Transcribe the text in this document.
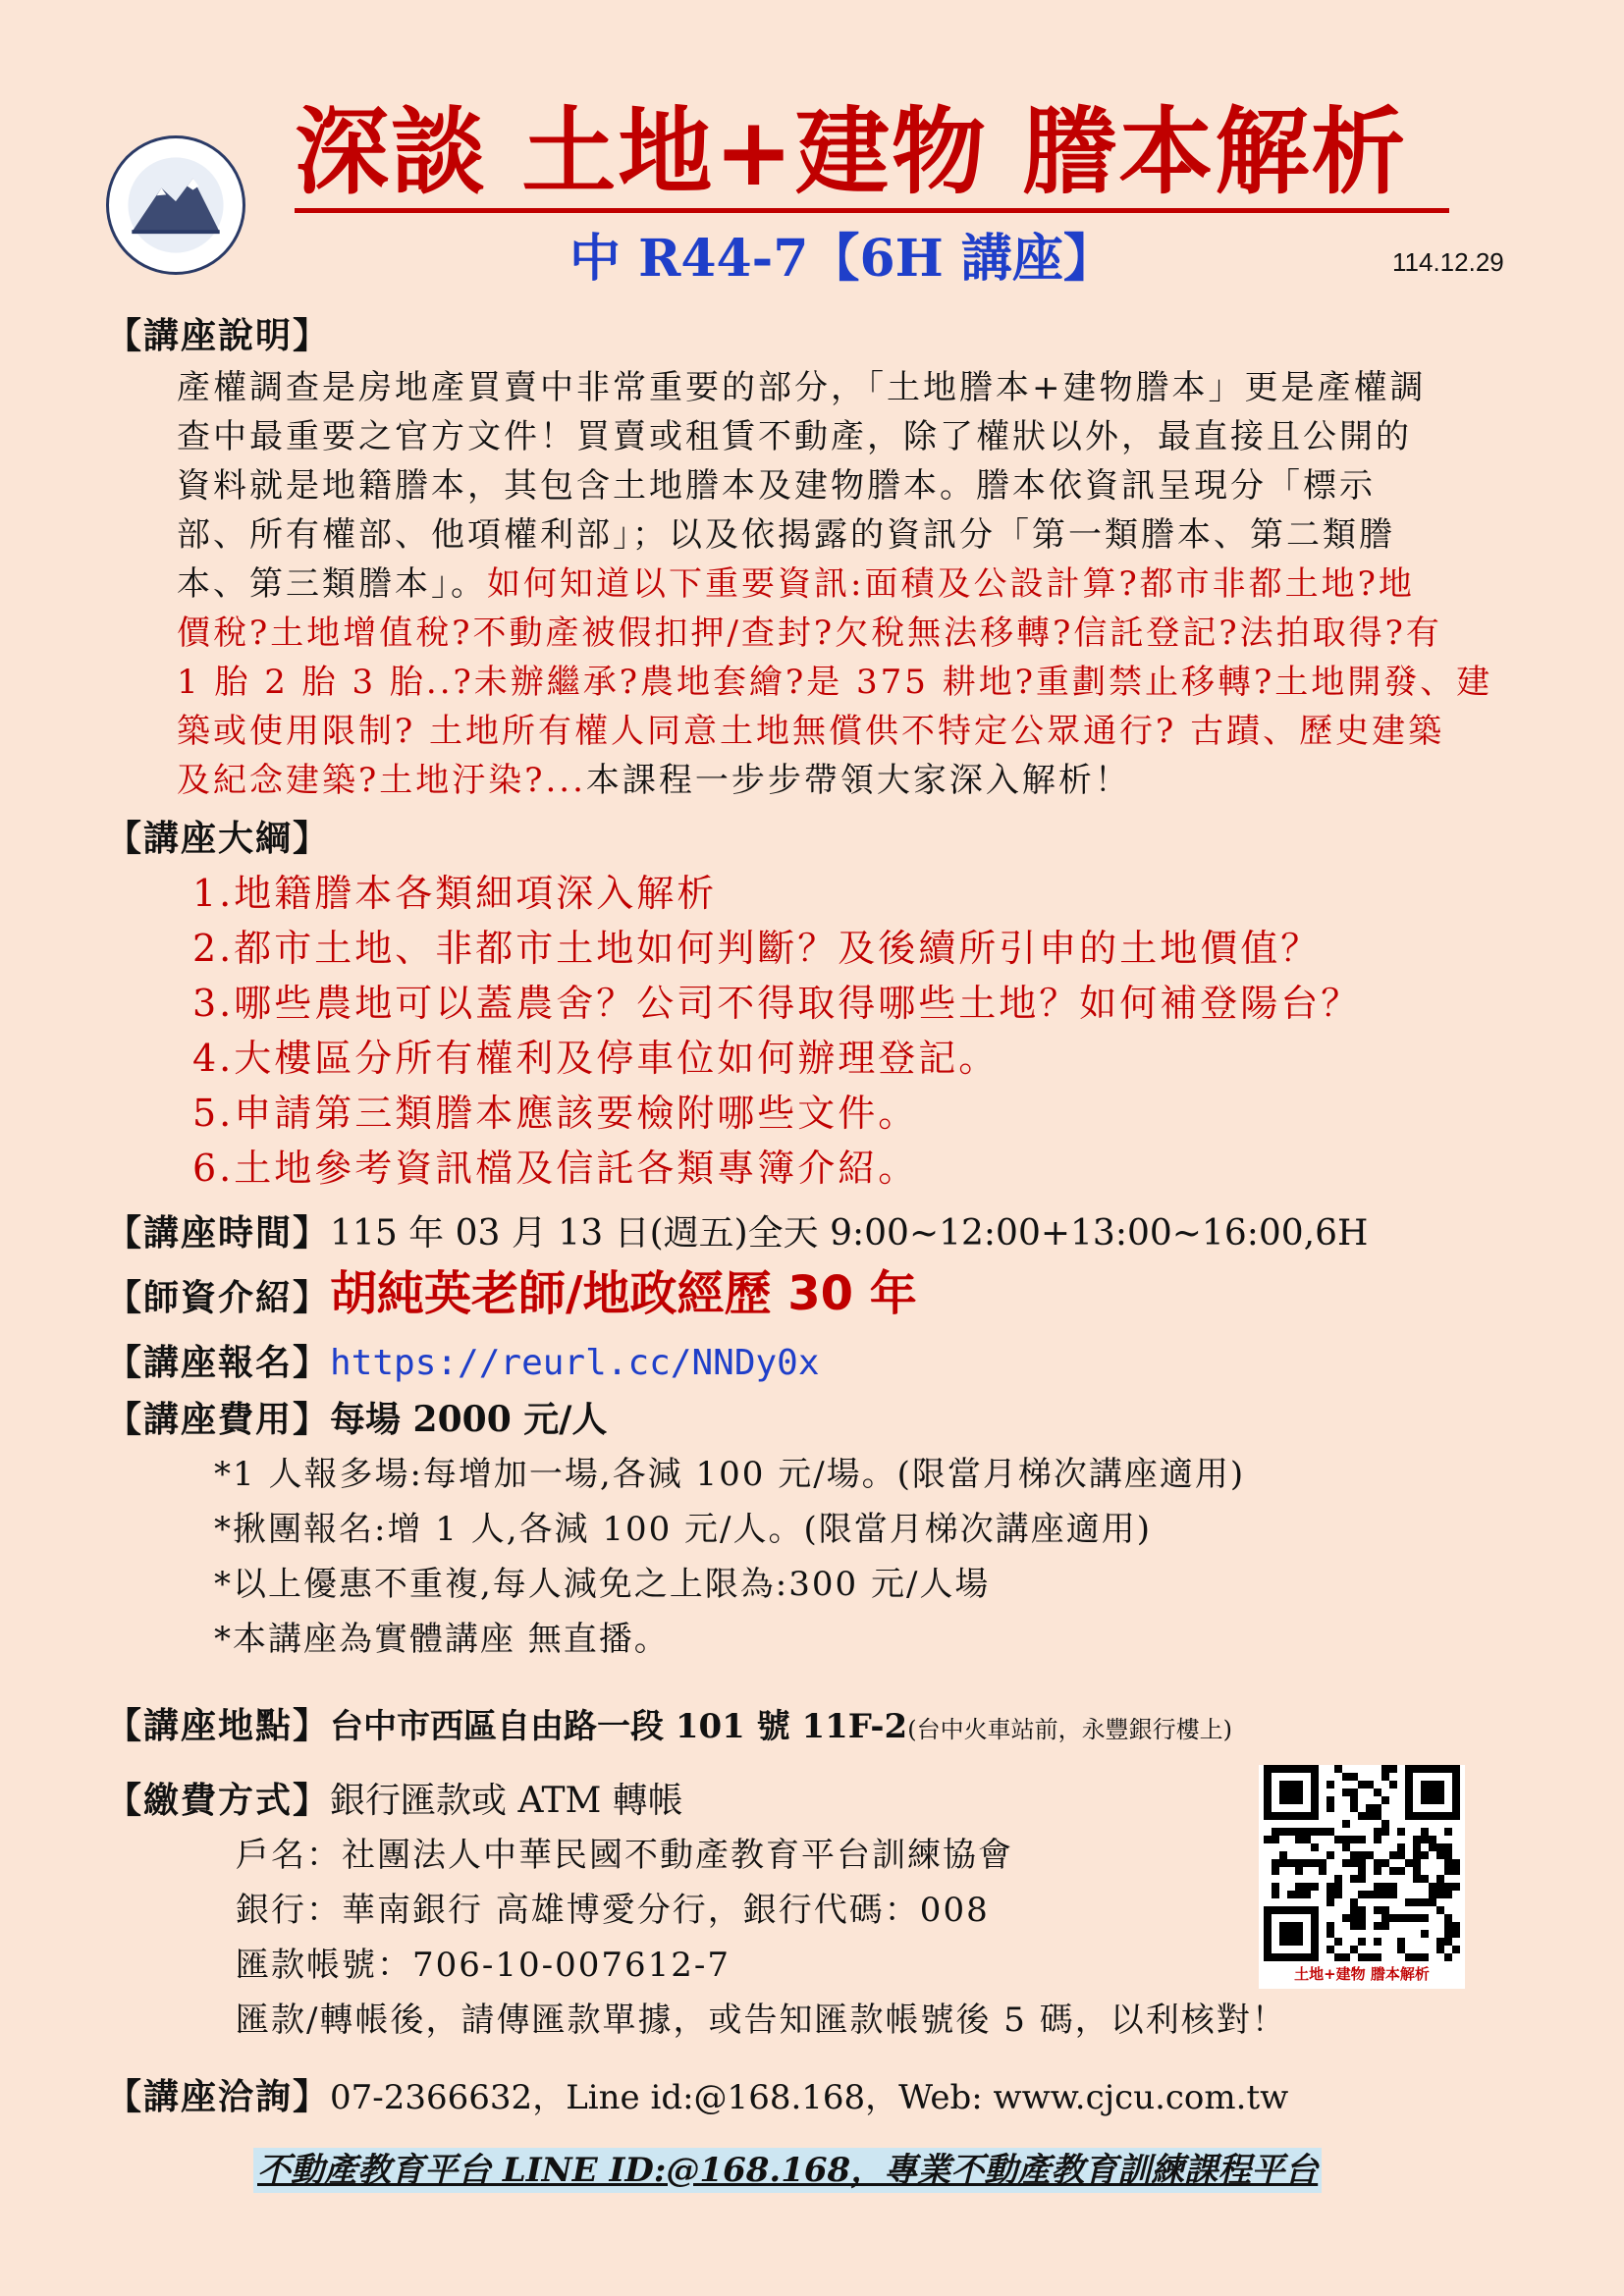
深談 土地+建物 謄本解析
中 R44-7【6H 講座】	114.12.29
【講座說明】
產權調查是房地產買賣中非常重要的部分，「土地謄本+建物謄本」更是產權調
查中最重要之官方文件！買賣或租賃不動產，除了權狀以外，最直接且公開的
資料就是地籍謄本，其包含土地謄本及建物謄本。謄本依資訊呈現分「標示
部、所有權部、他項權利部」；以及依揭露的資訊分「第一類謄本、第二類謄
本、第三類謄本」。如何知道以下重要資訊:面積及公設計算?都市非都土地?地
價稅?土地增值稅?不動產被假扣押/查封?欠稅無法移轉?信託登記?法拍取得?有
1 胎 2 胎 3 胎..?未辦繼承?農地套繪?是 375 耕地?重劃禁止移轉?土地開發、建
築或使用限制? 土地所有權人同意土地無償供不特定公眾通行? 古蹟、歷史建築
及紀念建築?土地汙染?...本課程一步步帶領大家深入解析！
【講座大綱】
1.地籍謄本各類細項深入解析
2.都市土地、非都市土地如何判斷？及後續所引申的土地價值？
3.哪些農地可以蓋農舍？公司不得取得哪些土地？如何補登陽台？
4.大樓區分所有權利及停車位如何辦理登記。
5.申請第三類謄本應該要檢附哪些文件。
6.土地參考資訊檔及信託各類專簿介紹。
【講座時間】115 年 03 月 13 日(週五)全天 9:00~12:00+13:00~16:00,6H
【師資介紹】胡純英老師/地政經歷 30 年
【講座報名】https://reurl.cc/NNDy0x
【講座費用】每場 2000 元/人
*1 人報多場:每增加一場,各減 100 元/場。(限當月梯次講座適用)
*揪團報名:增 1 人,各減 100 元/人。(限當月梯次講座適用)
*以上優惠不重複,每人減免之上限為:300 元/人場
*本講座為實體講座 無直播。
【講座地點】台中市西區自由路一段 101 號 11F-2(台中火車站前，永豐銀行樓上)
【繳費方式】銀行匯款或 ATM 轉帳
戶名：社團法人中華民國不動產教育平台訓練協會
銀行：華南銀行 高雄博愛分行，銀行代碼：008
匯款帳號：706-10-007612-7
匯款/轉帳後，請傳匯款單據，或告知匯款帳號後 5 碼，以利核對！
土地+建物 謄本解析
【講座洽詢】07-2366632，Line id:@168.168，Web: www.cjcu.com.tw
不動產教育平台 LINE ID:@168.168，專業不動產教育訓練課程平台
